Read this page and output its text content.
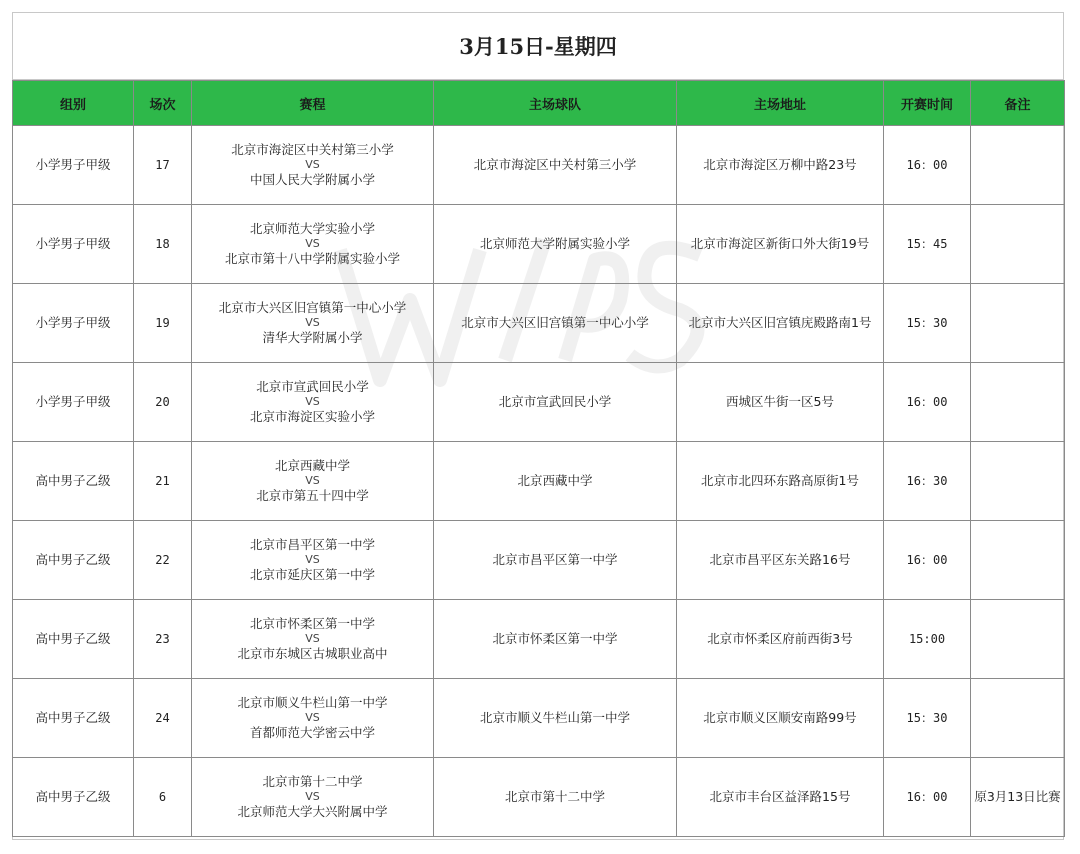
3月15日-星期四
组别	场次	赛程	主场球队	主场地址	开赛时间	备注
小学男子甲级	17	北京市海淀区中关村第三小学
VS
中国人民大学附属小学	北京市海淀区中关村第三小学	北京市海淀区万柳中路23号	16：00	
小学男子甲级	18	北京师范大学实验小学
VS
北京市第十八中学附属实验小学	北京师范大学附属实验小学	北京市海淀区新街口外大街19号	15：45	
小学男子甲级	19	北京市大兴区旧宫镇第一中心小学
VS
清华大学附属小学	北京市大兴区旧宫镇第一中心小学	北京市大兴区旧宫镇庑殿路南1号	15：30	
小学男子甲级	20	北京市宣武回民小学
VS
北京市海淀区实验小学	北京市宣武回民小学	西城区牛街一区5号	16：00	
高中男子乙级	21	北京西藏中学
VS
北京市第五十四中学	北京西藏中学	北京市北四环东路高原街1号	16：30	
高中男子乙级	22	北京市昌平区第一中学
VS
北京市延庆区第一中学	北京市昌平区第一中学	北京市昌平区东关路16号	16：00	
高中男子乙级	23	北京市怀柔区第一中学
VS
北京市东城区古城职业高中	北京市怀柔区第一中学	北京市怀柔区府前西街3号	15:00	
高中男子乙级	24	北京市顺义牛栏山第一中学
VS
首都师范大学密云中学	北京市顺义牛栏山第一中学	北京市顺义区顺安南路99号	15：30	
高中男子乙级	6	北京市第十二中学
VS
北京师范大学大兴附属中学	北京市第十二中学	北京市丰台区益泽路15号	16：00	原3月13日比赛
